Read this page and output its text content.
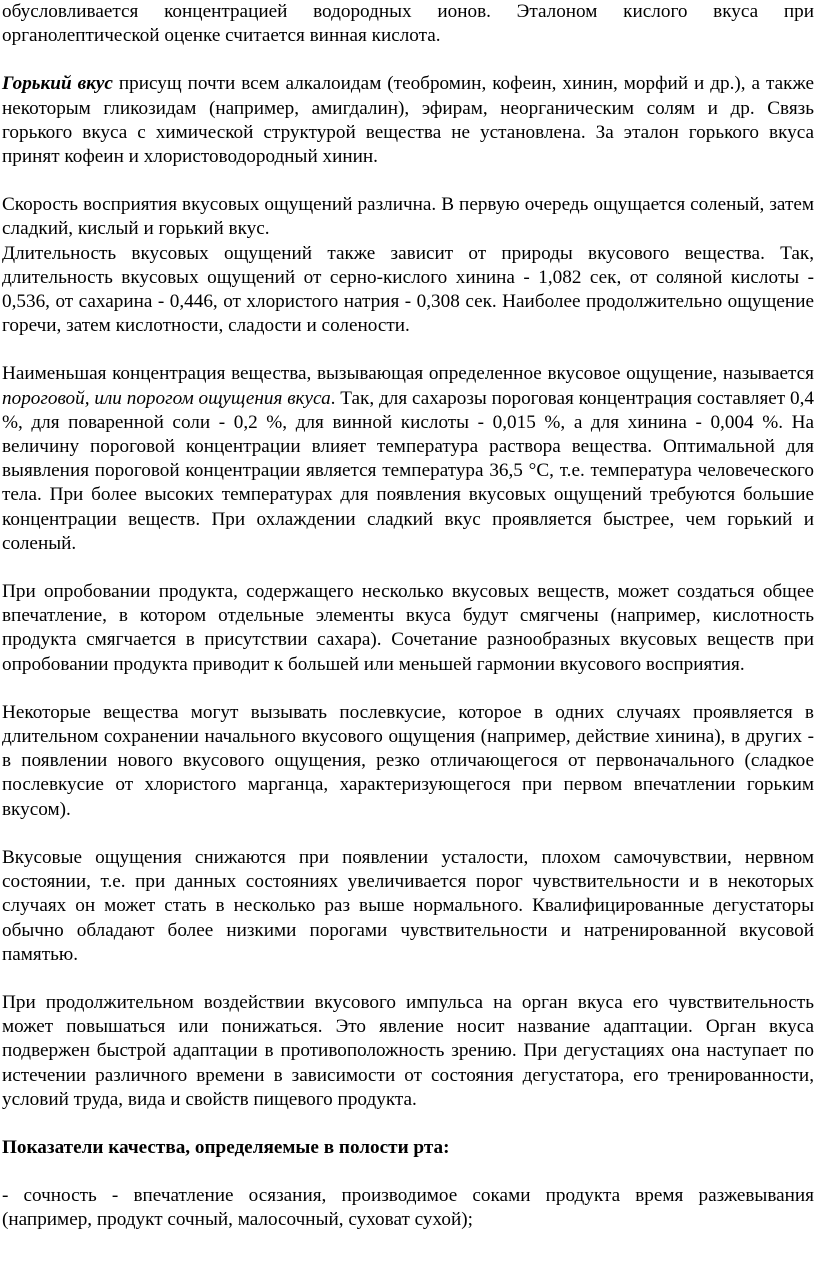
обусловливается концентрацией водородных ионов. Эталоном кислого вкуса при органолептической оценке считается винная кислота.

Горький вкус присущ почти всем алкалоидам (теобромин, кофеин, хинин, морфий и др.), а также некоторым гликозидам (например, амигдалин), эфирам, неорганическим солям и др. Связь горького вкуса с химической структурой вещества не установлена. За эталон горького вкуса принят кофеин и хлористоводородный хинин.

Скорость восприятия вкусовых ощущений различна. В первую очередь ощущается соленый, затем сладкий, кислый и горький вкус.

Длительность вкусовых ощущений также зависит от природы вкусового вещества. Так, длительность вкусовых ощущений от серно-кислого хинина - 1,082 сек, от соляной кислоты - 0,536, от сахарина - 0,446, от хлористого натрия - 0,308 сек. Наиболее продолжительно ощущение горечи, затем кислотности, сладости и солености.

Наименьшая концентрация вещества, вызывающая определенное вкусовое ощущение, называется пороговой, или порогом ощущения вкуса. Так, для сахарозы пороговая концентрация составляет 0,4 %, для поваренной соли - 0,2 %, для винной кислоты - 0,015 %, а для хинина - 0,004 %. На величину пороговой концентрации влияет температура раствора вещества. Оптимальной для выявления пороговой концентрации является температура 36,5 °С, т.е. температура человеческого тела. При более высоких температурах для появления вкусовых ощущений требуются большие концентрации веществ. При охлаждении сладкий вкус проявляется быстрее, чем горький и соленый.

При опробовании продукта, содержащего несколько вкусовых веществ, может создаться общее впечатление, в котором отдельные элементы вкуса будут смягчены (например, кислотность продукта смягчается в присутствии сахара). Сочетание разнообразных вкусовых веществ при опробовании продукта приводит к большей или меньшей гармонии вкусового восприятия.

Некоторые вещества могут вызывать послевкусие, которое в одних случаях проявляется в длительном сохранении начального вкусового ощущения (например, действие хинина), в других - в появлении нового вкусового ощущения, резко отличающегося от первоначального (сладкое послевкусие от хлористого марганца, характеризующегося при первом впечатлении горьким вкусом).

Вкусовые ощущения снижаются при появлении усталости, плохом самочувствии, нервном состоянии, т.е. при данных состояниях увеличивается порог чувствительности и в некоторых случаях он может стать в несколько раз выше нормального. Квалифицированные дегустаторы обычно обладают более низкими порогами чувствительности и натренированной вкусовой памятью.

При продолжительном воздействии вкусового импульса на орган вкуса его чувствительность может повышаться или понижаться. Это явление носит название адаптации. Орган вкуса подвержен быстрой адаптации в противоположность зрению. При дегустациях она наступает по истечении различного времени в зависимости от состояния дегустатора, его тренированности, условий труда, вида и свойств пищевого продукта.

Показатели качества, определяемые в полости рта:

- сочность - впечатление осязания, производимое соками продукта время разжевывания (например, продукт сочный, малосочный, суховат сухой);
